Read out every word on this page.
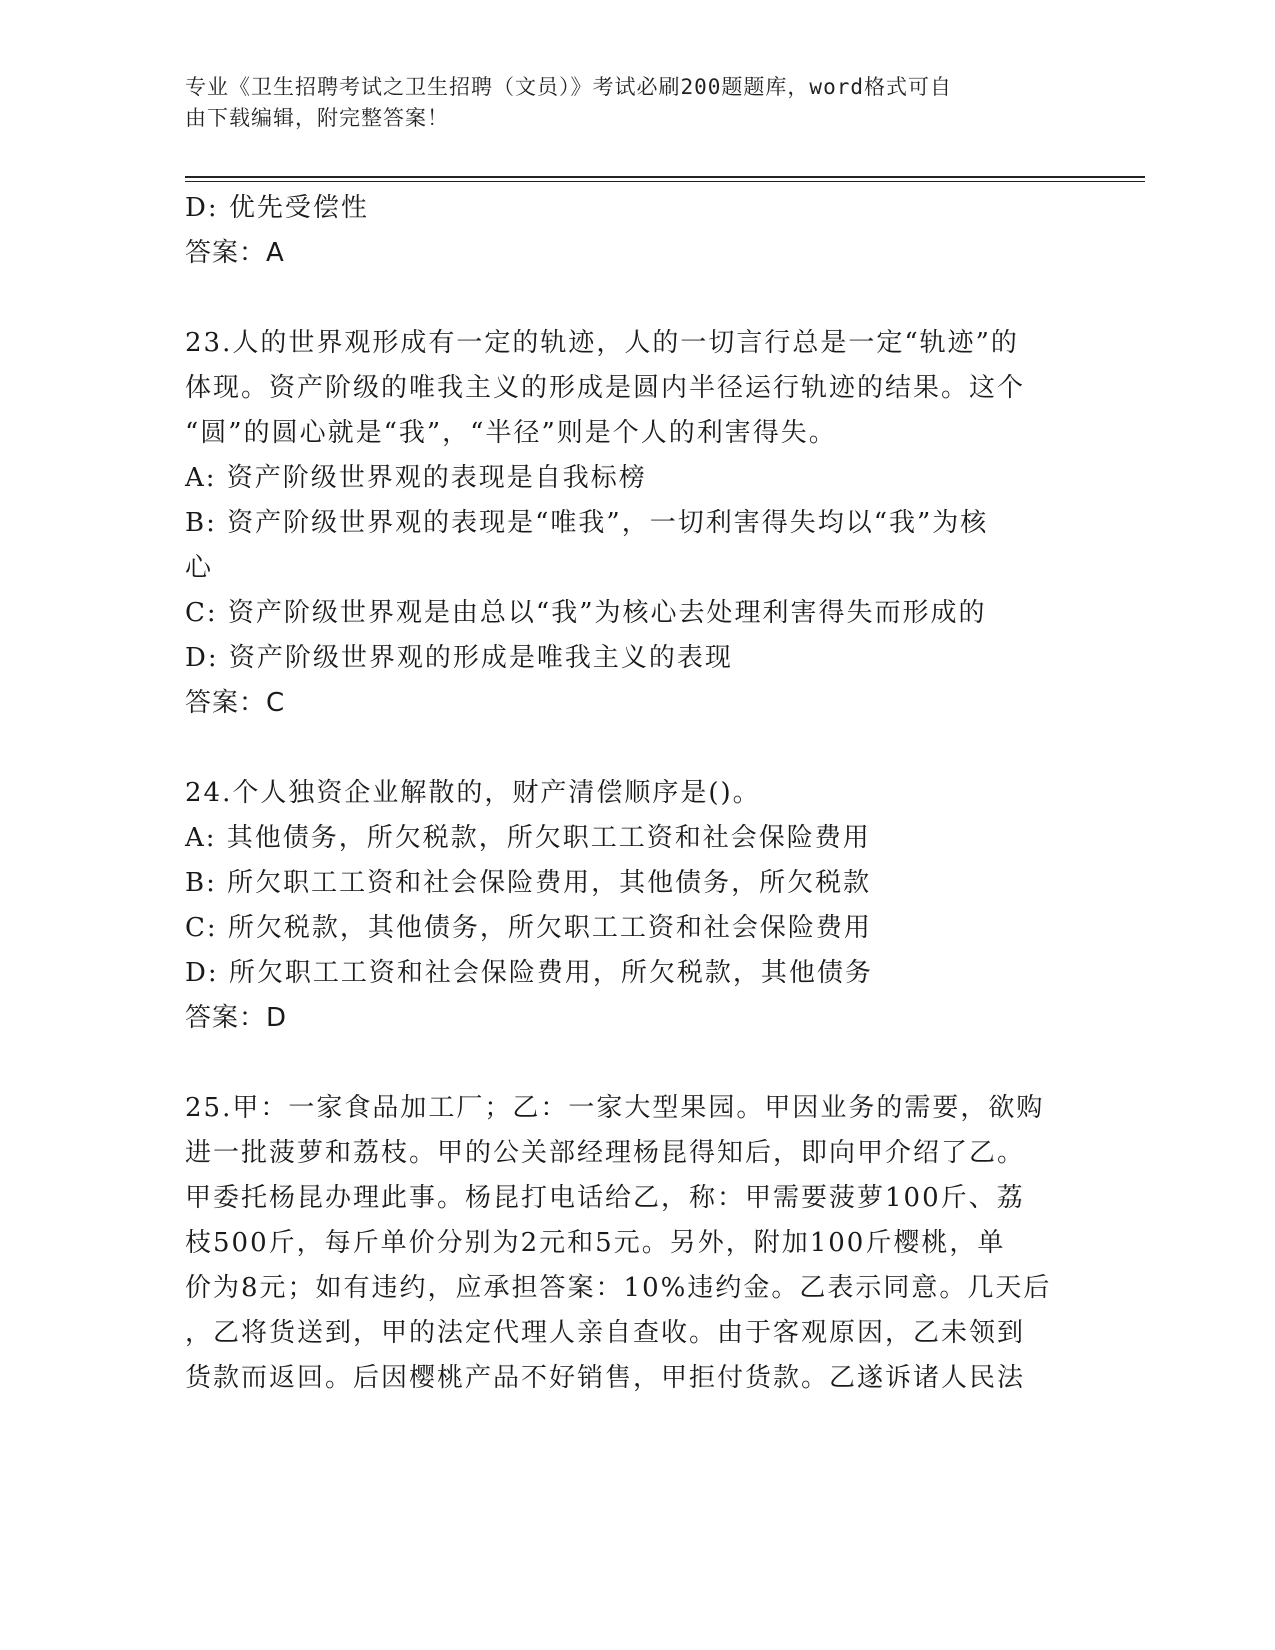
专业《卫生招聘考试之卫生招聘（文员）》考试必刷200题题库，word格式可自
由下载编辑，附完整答案！
D: 优先受偿性
答案：A
23.人的世界观形成有一定的轨迹，人的一切言行总是一定“轨迹”的
体现。资产阶级的唯我主义的形成是圆内半径运行轨迹的结果。这个
“圆”的圆心就是“我”，“半径”则是个人的利害得失。
A: 资产阶级世界观的表现是自我标榜
B: 资产阶级世界观的表现是“唯我”，一切利害得失均以“我”为核
心
C: 资产阶级世界观是由总以“我”为核心去处理利害得失而形成的
D: 资产阶级世界观的形成是唯我主义的表现
答案：C
24.个人独资企业解散的，财产清偿顺序是()。
A: 其他债务，所欠税款，所欠职工工资和社会保险费用
B: 所欠职工工资和社会保险费用，其他债务，所欠税款
C: 所欠税款，其他债务，所欠职工工资和社会保险费用
D: 所欠职工工资和社会保险费用，所欠税款，其他债务
答案：D
25.甲：一家食品加工厂；乙：一家大型果园。甲因业务的需要，欲购
进一批菠萝和荔枝。甲的公关部经理杨昆得知后，即向甲介绍了乙。
甲委托杨昆办理此事。杨昆打电话给乙，称：甲需要菠萝100斤、荔
枝500斤，每斤单价分别为2元和5元。另外，附加100斤樱桃，单
价为8元；如有违约，应承担答案：10%违约金。乙表示同意。几天后
，乙将货送到，甲的法定代理人亲自查收。由于客观原因，乙未领到
货款而返回。后因樱桃产品不好销售，甲拒付货款。乙遂诉诸人民法
